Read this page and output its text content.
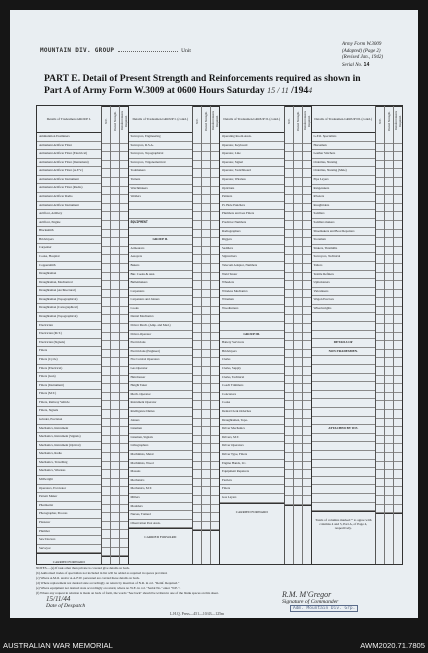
MOUNTAIN DIV. GROUP	Unit
Army Form W.3009
(Adapted) (Page 2)
(Revised Jan., 1942)
Serial No. 14
PART E. Detail of Present Strength and Reinforcements required as shown in
Part A of Army Form W.3009 at 0600 Hours Saturday 15 / 11 /1944
Details of Tradesmen. GROUP I.
Ammunition Examiners
Armament Artificer Fitter
Armament Artificer Fitter (Electrical)
Armament Artificer Fitter (Instrument)
Armament Artificer Fitter (A.F.V.)
Armament Artificer Instrument
Armament Artificer Fitter (Radio)
Armament Artificer Radio
Armament Artificer Instrument
Artificer, Artillery
Artificer, Engine
Blacksmith
Bricklayers
Carpenter
Cooks, Hospital
Coppersmith
Draughtsman
Draughtsman, Mechanical
Draughtsman (Architectural)
Draughtsman (Topographical)
Draughtsman (Cartographical)
Draughtsman (Topographical)
Electrician
Electrician (M.T.)
Electrician (Signals)
Fitters
Fitters (Cycle)
Fitters (Electrical)
Fitters (Gun)
Fitters (Instrument)
Fitters (M.T.)
Fitters, Railway Vehicle
Fitters, Signals
Grinder, Precision
Mechanics, Instrument
Mechanics, Instrument (Signals)
Mechanics, Instrument (Optical)
Mechanics, Radio
Mechanics, Travelling
Mechanics, Wireless
Millwright
Operators, Excavator
Pattern Maker
Pharmacist
Photographer, Process
Plasterer
Plumber
Saw Doctors
Surveyor
CARRIED FORWARD
W.E.	Posted Strength. Reinforcements Required. Details of Tradesmen. GROUP I. (contd.)
Surveyors, Engineering
Surveyors, R.S.A.
Surveyors, Topographical
Surveyors, Trigonometrical
Toolmakers
Turners
Watchmakers
Welders
EQUIPMENT
GROUP II.
Armourers
Assayers
Bakers
Bkr. Cooks & Asst.
Bulletmakers
Carpenters
Carpenters and Joiners
Cooks
Dental Mechanics
Driver Mech. (Amp. and Med.)
Driver-Operator
Electricians
Electricians (Engineer)
Fire Control Operators
Gas Operator
Hairdresser
Height Taker
Mech. Operator
Instrument Operator
Intelligence Duties
Joiners
Linemen
Linemen, Signals
Lithographers
Machinists, Metal
Machinists, Wood
Masons
Mechanics
Mechanics, M.T.
Millers
Moulders
Nurses, Trained
Observation Post Assts.
CARRIED FORWARD
W.E.	Posted Strength. Reinforcements Required. Details of Tradesmen. GROUP II. (contd.)
Operating Room Assts.
Operator, Keyboard
Operator, Line
Operator, Signal
Operator, Switchboard
Operator, Wireless
Opticians
Painters
Pr. Hole Punchers
Plumbers and Gas Fitters
Predictor Numbers
Radiographers
Riggers
Saddlers
Signwriters
Telecom Adaptor, Numbers
Weld Tester
Wheelers
Wireless Mechanics
Wiremen
Woodturners
GROUP III.
Battery Servicers
Bricklayers
Clerks
Clerks, Supply
Clerks, Technical
Coach Trimmers
Concretors
Cooks
Dental Clerk Orderlies
Draughtsmen, Topo.
Driver Mechanics
Drivers, M.T.
Driver Operators
Driver Type, Fitters
Engine Hands, I.C.
Equipment Repairers
Farriers
Fitters
Gas Layers
CARRIED FORWARD
W.E.	Posted Strength. Reinforcements Required. Details of Tradesmen. GROUP III. (contd.)
G.P.O. Specialists
Horsemen
Leather Stitchers
Orderlies, Nursing
Orderlies, Nursing (Male)
Pipe Layers
Rangetakers
Riveters
Roughriders
Saddlers
Saddlers makers
Shoemakers and Boot Repairers
Storemen
Sinkers, Tinsmiths
Surveyors, Technical
Tailors
Textile Refiners
Upholsterers
Vulcanisers
Wagon Erectors
Wheelwrights
DETAILS OF
NON-TRADESMEN.
ATTACHED BY W.E.
Totals of columns marked * to agree with columns 4 and 5, Part A, of Page 4, respectively.
W.E.	Posted Strength. Reinforcements Required.
NOTES.—(a) If task other than private is covered give details on back.
(b) Authorised trades of specialists not included in list will be added as required in spaces provided.
(c) Where A.M.O. and/or A.A.F.W. personnel are carried these details on back.
(d) Where replacement not desired state accordingly on return by insertion of N.R. in col. "Reinf. Required."
(e) Where equipment not desired state accordingly on return; where no W.E. in col. "Serial No." enter "N.E.".
(f) Where any request in relation is made on back of form, the words "See back" should be written in one of the blank spaces on this sheet.
15/11/44
Date of Despatch
R.M. M'Gregor
Signature of Commander
Adm. Mountain Div. Grp.
L.H.Q. Press—451—10/43—125m
AUSTRALIAN WAR MEMORIAL	AWM2020.71.7805
